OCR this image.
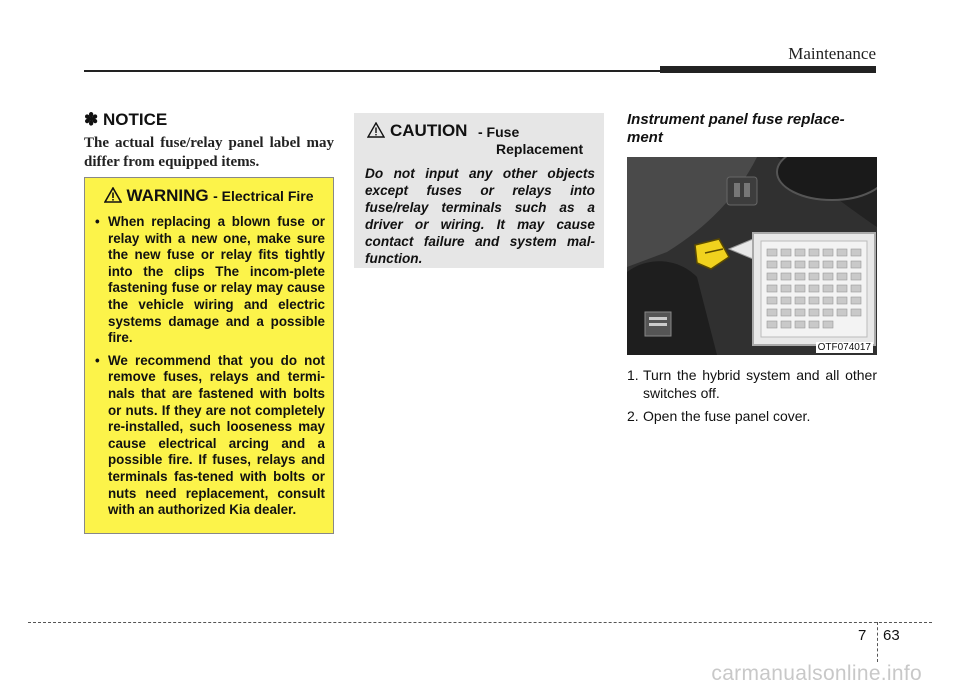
Maintenance
✽ NOTICE
The actual fuse/relay panel label may differ from equipped items.
WARNING - Electrical Fire
• When replacing a blown fuse or relay with a new one, make sure the new fuse or relay fits tightly into the clips The incom-plete fastening fuse or relay may cause the vehicle wiring and electric systems damage and a possible fire.
• We recommend that you do not remove fuses, relays and termi-nals that are fastened with bolts or nuts. If they are not completely re-installed, such looseness may cause electrical arcing and a possible fire. If fuses, relays and terminals fas-tened with bolts or nuts need replacement, consult with an authorized Kia dealer.
CAUTION - Fuse
Replacement
Do not input any other objects except fuses or relays into fuse/relay terminals such as a driver or wiring. It may cause contact failure and system mal-function.
Instrument panel fuse replace-ment
OTF074017
1. Turn the hybrid system and all other switches off.
2. Open the fuse panel cover.
7 63
carmanualsonline.info
